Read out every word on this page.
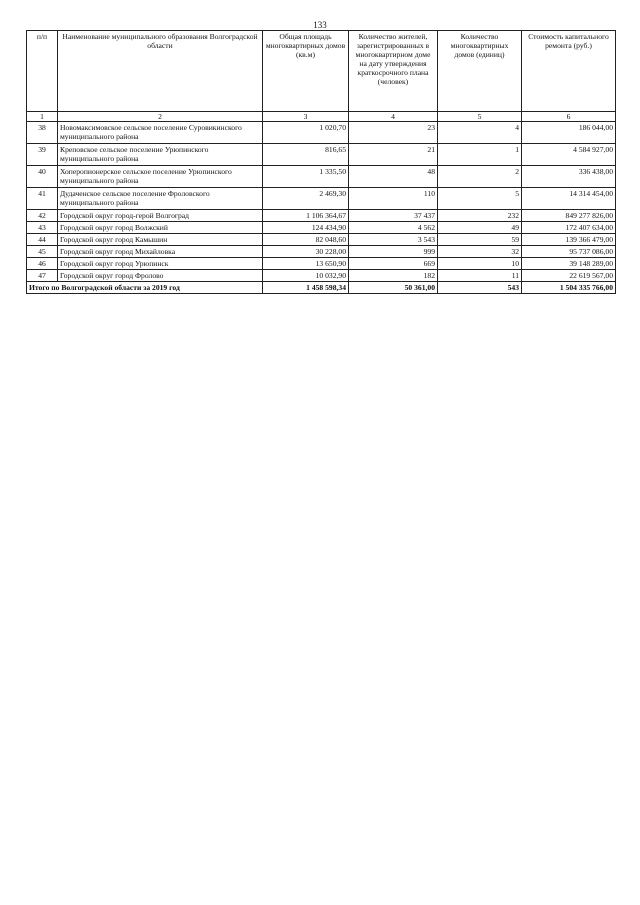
133
п/п	Наименование муниципального образования Волгоградской области	Общая площадь многоквартирных домов (кв.м)	Количество жителей, зарегистрированных в многоквартирном доме на дату утверждения краткосрочного плана (человек)	Количество многоквартирных домов (единиц)	Стоимость капитального ремонта (руб.)
1	2	3	4	5	6
38	Новомаксимовское сельское поселение Суровикинского муниципального района	1 020,70	23	4	186 044,00
39	Креповское сельское поселение Урюпинского муниципального района	816,65	21	1	4 584 927,00
40	Хоперопионерское сельское поселение Урюпинского муниципального района	1 335,50	48	2	336 438,00
41	Дудаченское сельское поселение Фроловского муниципального района	2 469,30	110	5	14 314 454,00
42	Городской округ город-герой Волгоград	1 106 364,67	37 437	232	849 277 826,00
43	Городской округ город Волжский	124 434,90	4 562	49	172 407 634,00
44	Городской округ город Камышин	82 048,60	3 543	59	139 366 479,00
45	Городской округ город Михайловка	30 228,00	999	32	95 737 086,00
46	Городской округ город Урюпинск	13 650,90	669	10	39 148 289,00
47	Городской округ город Фролово	10 032,90	182	11	22 619 567,00
Итого по Волгоградской области за 2019 год		1 458 598,34	50 361,00	543	1 504 335 766,00
